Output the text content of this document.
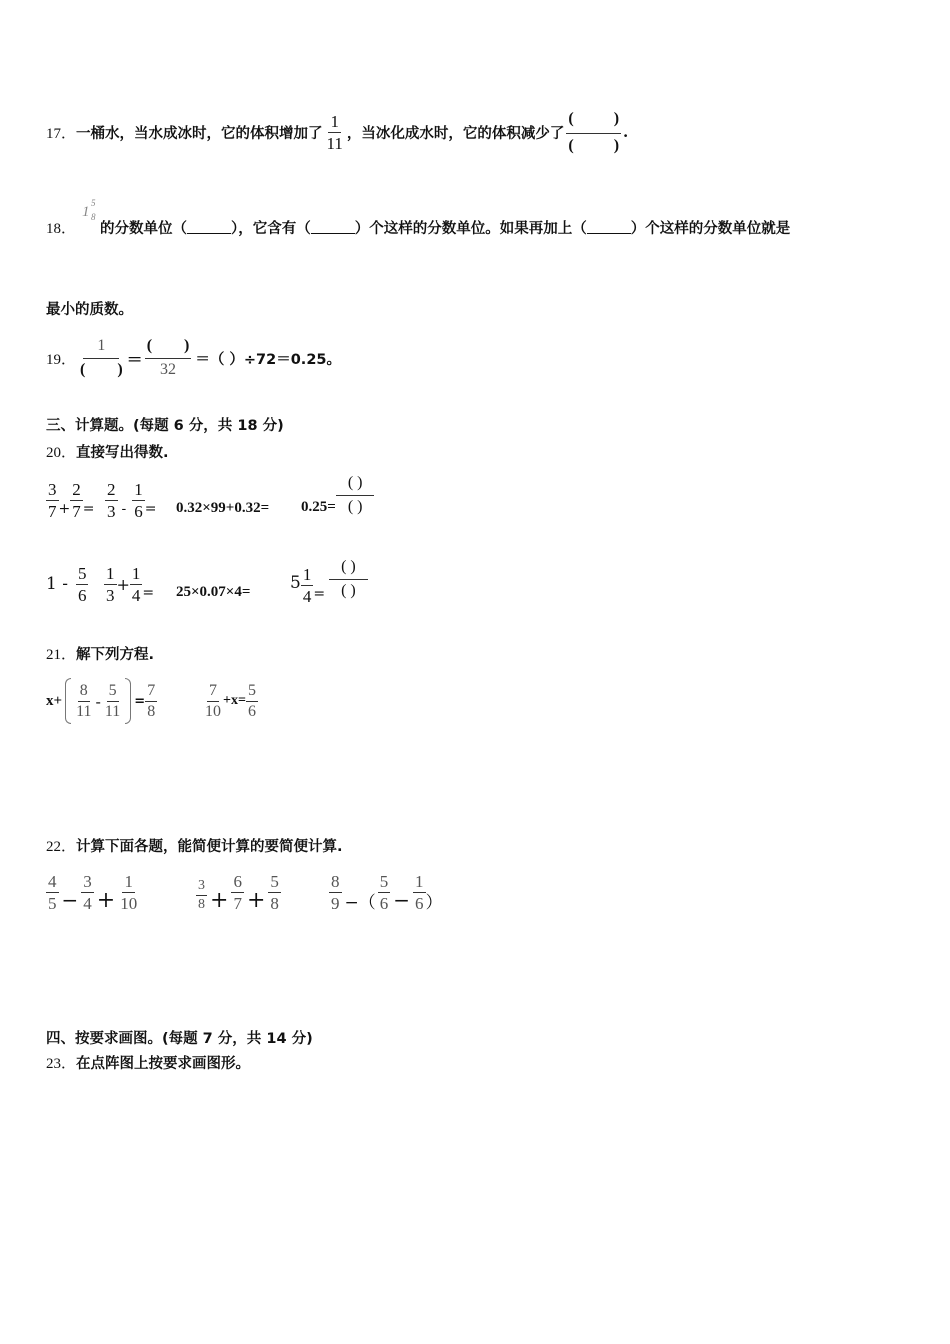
17． 一桶水，当水成冰时，它的体积增加了 $\frac{1}{11}$ ，当冰化成水时，它的体积减少了 $\frac{( )}{( )}$ .
18．
1
5
8
的分数单位（	），它含有（	）个这样的分数单位。如果再加上（	）个这样的分数单位就是
最小的质数。
19． $\frac{1}{( )} = \frac{( )}{32}$ ＝（ ）÷72＝0.25。
三、计算题。(每题 6 分，共 18 分)
20．直接写出得数.
$\frac{3}{7} + \frac{2}{7} = \frac{2}{3} - \frac{1}{6} = 0.32\times 99+0.32= 0.25= \frac{( )}{( )}$
$1 - \frac{5}{6} \frac{1}{3} + \frac{1}{4} = 25\times 0.07\times 4= 5 \frac{1}{4} = \frac{( )}{( )}$
21．解下列方程.
$x+ \frac{8}{11} - \frac{5}{11} = \frac{7}{8}$	$\frac{7}{10} +x= \frac{5}{6}$
22．计算下面各题，能简便计算的要简便计算.
$\frac{4}{5} - \frac{3}{4} + \frac{1}{10}$	$\frac{3}{8} + \frac{6}{7} + \frac{5}{8}$	$\frac{8}{9}$ −（ $\frac{5}{6} - \frac{1}{6}$ ）
四、按要求画图。(每题 7 分，共 14 分)
23．在点阵图上按要求画图形。
